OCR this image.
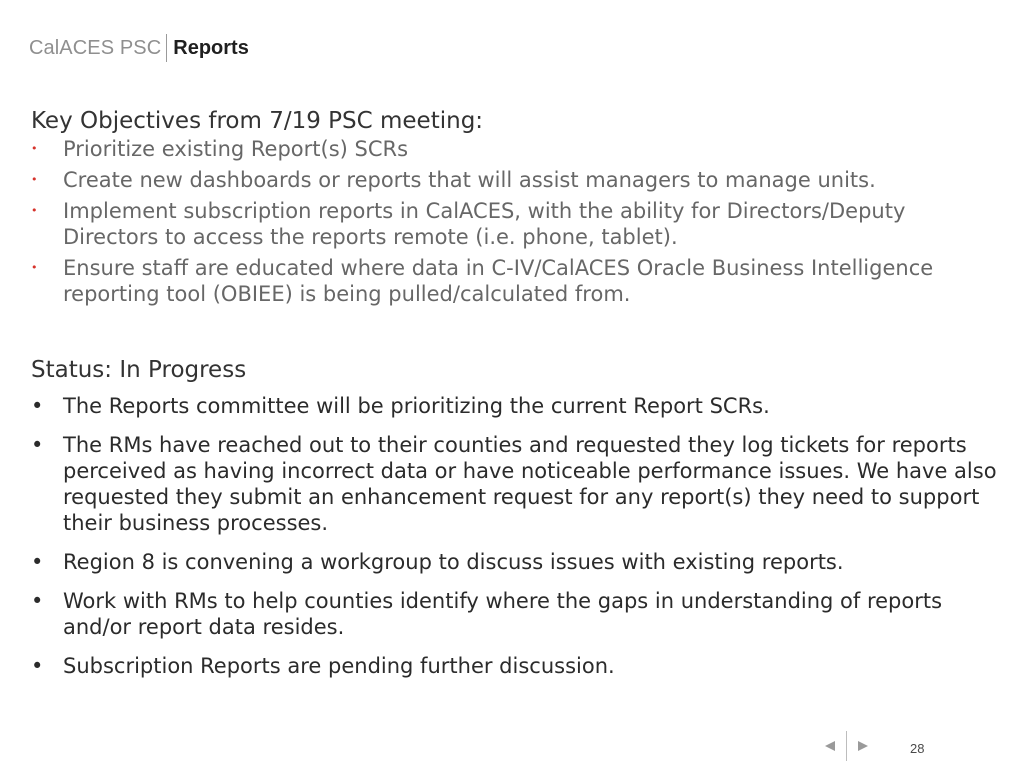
CalACES PSC Reports

Key Objectives from 7/19 PSC meeting:

• Prioritize existing Report(s) SCRs
• Create new dashboards or reports that will assist managers to manage units.
• Implement subscription reports in CalACES, with the ability for Directors/Deputy Directors to access the reports remote (i.e. phone, tablet).
• Ensure staff are educated where data in C-IV/CalACES Oracle Business Intelligence reporting tool (OBIEE) is being pulled/calculated from.

Status: In Progress

• The Reports committee will be prioritizing the current Report SCRs.
• The RMs have reached out to their counties and requested they log tickets for reports perceived as having incorrect data or have noticeable performance issues. We have also requested they submit an enhancement request for any report(s) they need to support their business processes.
• Region 8 is convening a workgroup to discuss issues with existing reports.
• Work with RMs to help counties identify where the gaps in understanding of reports and/or report data resides.
• Subscription Reports are pending further discussion.
28
